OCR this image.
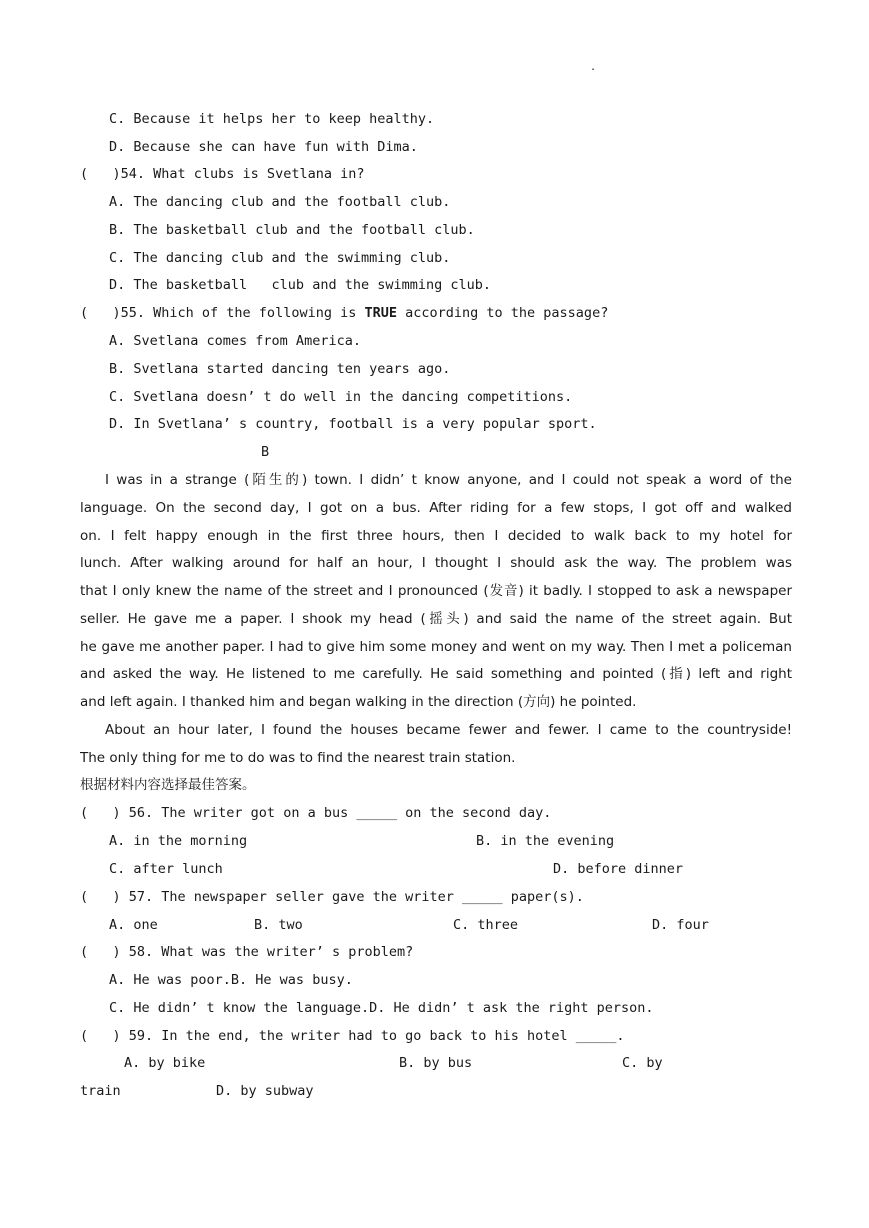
.
C. Because it helps her to keep healthy.
D. Because she can have fun with Dima.
(   )54. What clubs is Svetlana in?
A. The dancing club and the football club.
B. The basketball club and the football club.
C. The dancing club and the swimming club.
D. The basketball   club and the swimming club.
(   )55. Which of the following is TRUE according to the passage?
A. Svetlana comes from America.
B. Svetlana started dancing ten years ago.
C. Svetlana doesn’ t do well in the dancing competitions.
D. In Svetlana’ s country, football is a very popular sport.
B
I was in a strange (陌生的) town. I didn’ t know anyone, and I could not speak a word of the
language. On the second day, I got on a bus. After riding for a few stops, I got off and walked
on. I felt happy enough in the first three hours, then I decided to walk back to my hotel for
lunch. After walking around for half an hour, I thought I should ask the way. The problem was
that I only knew the name of the street and I pronounced (发音) it badly. I stopped to ask a newspaper
seller. He gave me a paper. I shook my head (摇头) and said the name of the street again. But
he gave me another paper. I had to give him some money and went on my way. Then I met a policeman
and asked the way. He listened to me carefully. He said something and pointed (指) left and right
and left again. I thanked him and began walking in the direction (方向) he pointed.
About an hour later, I found the houses became fewer and fewer. I came to the countryside!
The only thing for me to do was to find the nearest train station.
根据材料内容选择最佳答案。
(   ) 56. The writer got on a bus _____ on the second day.
A. in the morning	B. in the evening
C. after lunch	D. before dinner
(   ) 57. The newspaper seller gave the writer _____ paper(s).
A. one	B. two	C. three	D. four
(   ) 58. What was the writer’ s problem?
A. He was poor.B. He was busy.
C. He didn’ t know the language.D. He didn’ t ask the right person.
(   ) 59. In the end, the writer had to go back to his hotel _____.
A. by bike	B. by bus	C. by
train	D. by subway
